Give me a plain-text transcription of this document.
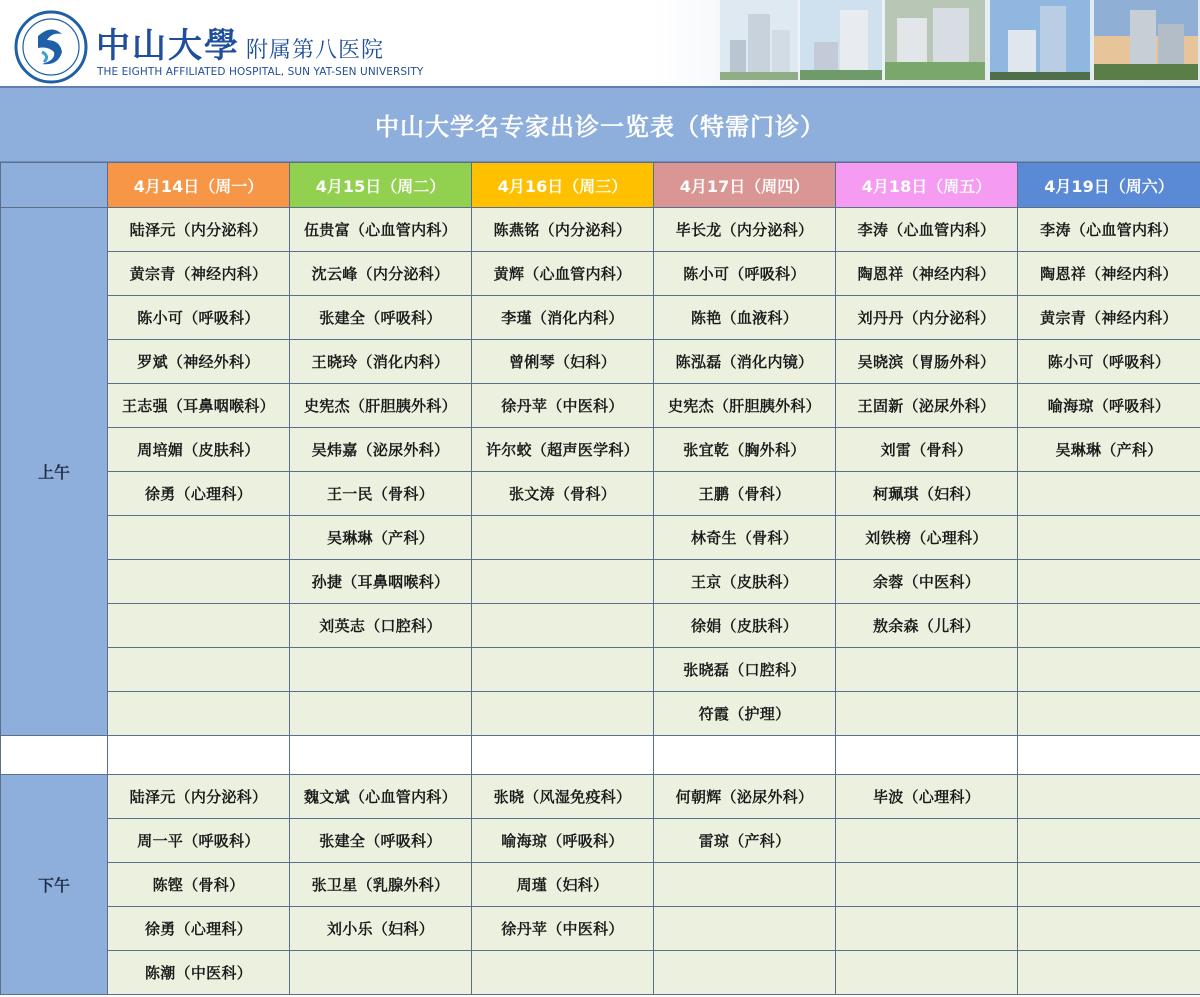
中山大學 附属第八医院
THE EIGHTH AFFILIATED HOSPITAL, SUN YAT-SEN UNIVERSITY
中山大学名专家出诊一览表（特需门诊）
	4月14日（周一）	4月15日（周二）	4月16日（周三）	4月17日（周四）	4月18日（周五）	4月19日（周六）
上午	陆泽元（内分泌科）	伍贵富（心血管内科）	陈燕铭（内分泌科）	毕长龙（内分泌科）	李涛（心血管内科）	李涛（心血管内科）
	黄宗青（神经内科）	沈云峰（内分泌科）	黄辉（心血管内科）	陈小可（呼吸科）	陶恩祥（神经内科）	陶恩祥（神经内科）
	陈小可（呼吸科）	张建全（呼吸科）	李瑾（消化内科）	陈艳（血液科）	刘丹丹（内分泌科）	黄宗青（神经内科）
	罗斌（神经外科）	王晓玲（消化内科）	曾俐琴（妇科）	陈泓磊（消化内镜）	吴晓滨（胃肠外科）	陈小可（呼吸科）
	王志强（耳鼻咽喉科）	史宪杰（肝胆胰外科）	徐丹苹（中医科）	史宪杰（肝胆胰外科）	王固新（泌尿外科）	喻海琼（呼吸科）
	周培媚（皮肤科）	吴炜嘉（泌尿外科）	许尔蛟（超声医学科）	张宜乾（胸外科）	刘雷（骨科）	吴琳琳（产科）
	徐勇（心理科）	王一民（骨科）	张文涛（骨科）	王鹏（骨科）	柯珮琪（妇科）	
		吴琳琳（产科）		林奇生（骨科）	刘铁榜（心理科）	
		孙捷（耳鼻咽喉科）		王京（皮肤科）	余蓉（中医科）	
		刘英志（口腔科）		徐娟（皮肤科）	敖余森（儿科）	
				张晓磊（口腔科）		
				符霞（护理）		

下午	陆泽元（内分泌科）	魏文斌（心血管内科）	张晓（风湿免疫科）	何朝辉（泌尿外科）	毕波（心理科）	
	周一平（呼吸科）	张建全（呼吸科）	喻海琼（呼吸科）	雷琼（产科）		
	陈铿（骨科）	张卫星（乳腺外科）	周瑾（妇科）			
	徐勇（心理科）	刘小乐（妇科）	徐丹苹（中医科）			
	陈潮（中医科）					
